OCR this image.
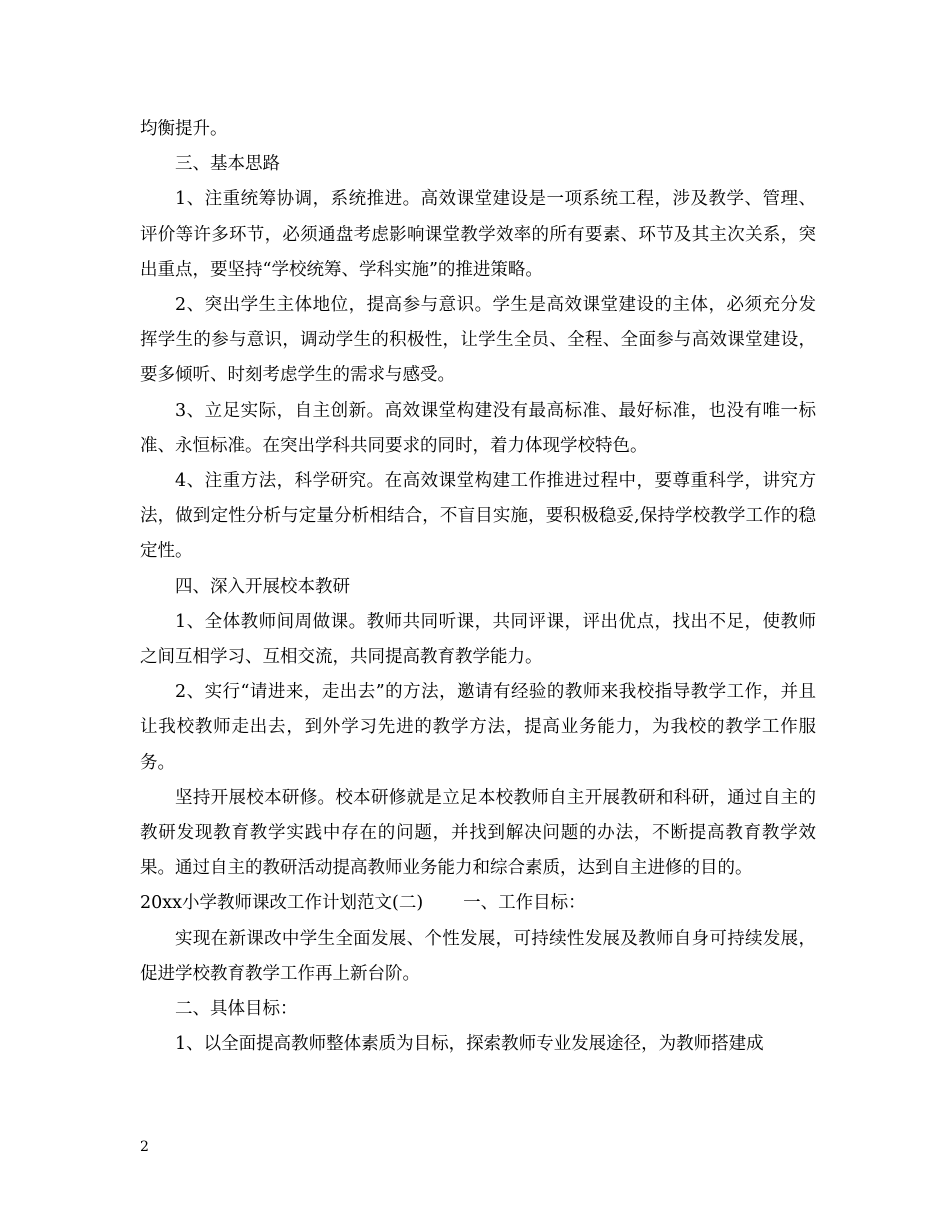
均衡提升。

三、基本思路

1、注重统筹协调，系统推进。高效课堂建设是一项系统工程，涉及教学、管理、评价等许多环节，必须通盘考虑影响课堂教学效率的所有要素、环节及其主次关系，突出重点，要坚持“学校统筹、学科实施”的推进策略。

2、突出学生主体地位，提高参与意识。学生是高效课堂建设的主体，必须充分发挥学生的参与意识，调动学生的积极性，让学生全员、全程、全面参与高效课堂建设，要多倾听、时刻考虑学生的需求与感受。

3、立足实际，自主创新。高效课堂构建没有最高标准、最好标准，也没有唯一标准、永恒标准。在突出学科共同要求的同时，着力体现学校特色。

4、注重方法，科学研究。在高效课堂构建工作推进过程中，要尊重科学，讲究方法，做到定性分析与定量分析相结合，不盲目实施，要积极稳妥,保持学校教学工作的稳定性。

四、深入开展校本教研

1、全体教师间周做课。教师共同听课，共同评课，评出优点，找出不足，使教师之间互相学习、互相交流，共同提高教育教学能力。

2、实行“请进来，走出去”的方法，邀请有经验的教师来我校指导教学工作，并且让我校教师走出去，到外学习先进的教学方法，提高业务能力，为我校的教学工作服务。

坚持开展校本研修。校本研修就是立足本校教师自主开展教研和科研，通过自主的教研发现教育教学实践中存在的问题，并找到解决问题的办法，不断提高教育教学效果。通过自主的教研活动提高教师业务能力和综合素质，达到自主进修的目的。

20xx小学教师课改工作计划范文(二) 一、工作目标：

实现在新课改中学生全面发展、个性发展，可持续性发展及教师自身可持续发展，促进学校教育教学工作再上新台阶。

二、具体目标：

1、以全面提高教师整体素质为目标，探索教师专业发展途径，为教师搭建成

2
